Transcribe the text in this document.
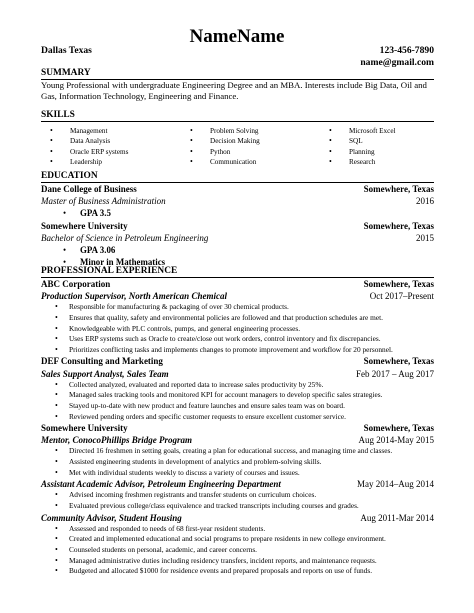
NameName
Dallas Texas	123-456-7890
name@gmail.com
SUMMARY
Young Professional with undergraduate Engineering Degree and an MBA. Interests include Big Data, Oil and Gas, Information Technology, Engineering and Finance.
SKILLS
• Management
• Data Analysis
• Oracle ERP systems
• Leadership
• Problem Solving
• Decision Making
• Python
• Communication
• Microsoft Excel
• SQL
• Planning
• Research
EDUCATION
Dane College of Business	Somewhere, Texas
Master of Business Administration	2016
• GPA 3.5
Somewhere University	Somewhere, Texas
Bachelor of Science in Petroleum Engineering	2015
• GPA 3.06
• Minor in Mathematics
PROFESSIONAL EXPERIENCE
ABC Corporation	Somewhere, Texas
Production Supervisor, North American Chemical	Oct 2017–Present
• Responsible for manufacturing & packaging of over 30 chemical products.
• Ensures that quality, safety and environmental policies are followed and that production schedules are met.
• Knowledgeable with PLC controls, pumps, and general engineering processes.
• Uses ERP systems such as Oracle to create/close out work orders, control inventory and fix discrepancies.
• Prioritizes conflicting tasks and implements changes to promote improvement and workflow for 20 personnel.
DEF Consulting and Marketing	Somewhere, Texas
Sales Support Analyst, Sales Team	Feb 2017 – Aug 2017
• Collected analyzed, evaluated and reported data to increase sales productivity by 25%.
• Managed sales tracking tools and monitored KPI for account managers to develop specific sales strategies.
• Stayed up-to-date with new product and feature launches and ensure sales team was on board.
• Reviewed pending orders and specific customer requests to ensure excellent customer service.
Somewhere University	Somewhere, Texas
Mentor, ConocoPhillips Bridge Program	Aug 2014-May 2015
• Directed 16 freshmen in setting goals, creating a plan for educational success, and managing time and classes.
• Assisted engineering students in development of analytics and problem-solving skills.
• Met with individual students weekly to discuss a variety of courses and issues.
Assistant Academic Advisor, Petroleum Engineering Department	May 2014–Aug 2014
• Advised incoming freshmen registrants and transfer students on curriculum choices.
• Evaluated previous college/class equivalence and tracked transcripts including courses and grades.
Community Advisor, Student Housing	Aug 2011-Mar 2014
• Assessed and responded to needs of 68 first-year resident students.
• Created and implemented educational and social programs to prepare residents in new college environment.
• Counseled students on personal, academic, and career concerns.
• Managed administrative duties including residency transfers, incident reports, and maintenance requests.
• Budgeted and allocated $1000 for residence events and prepared proposals and reports on use of funds.
